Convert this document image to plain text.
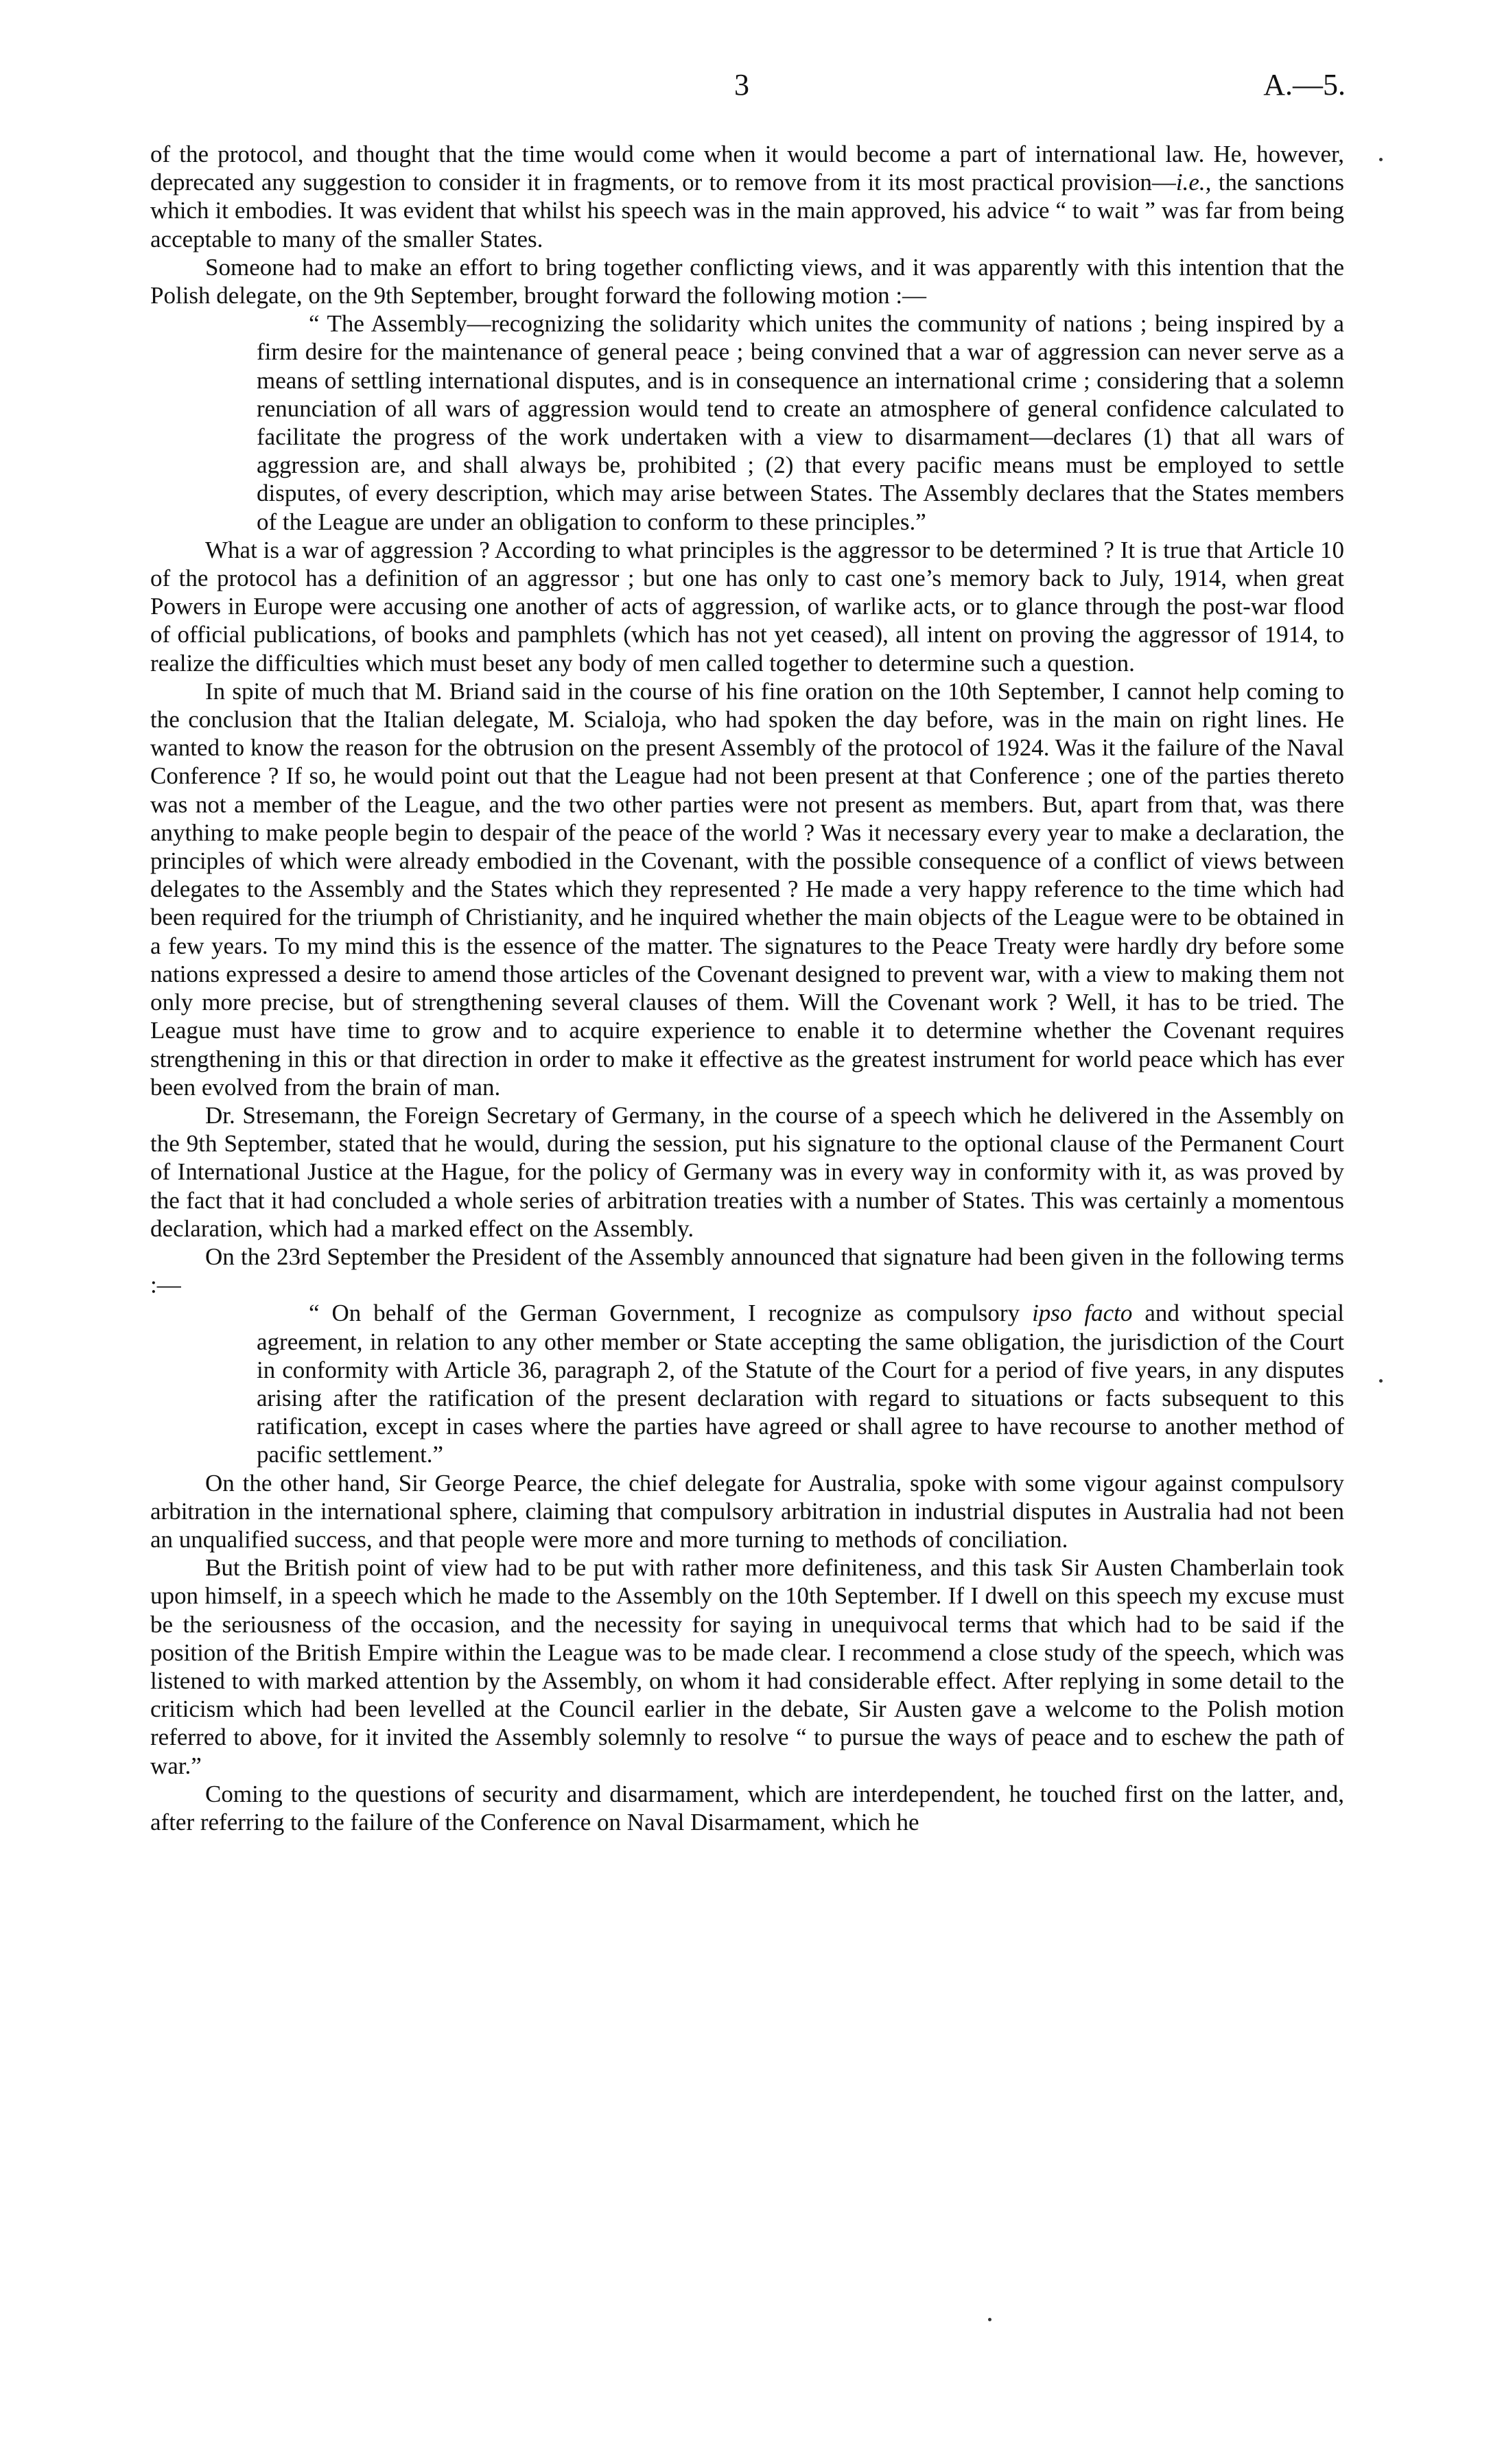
3	A.—5.

of the protocol, and thought that the time would come when it would become a part of international law. He, however, deprecated any suggestion to consider it in fragments, or to remove from it its most practical provision—i.e., the sanctions which it embodies. It was evident that whilst his speech was in the main approved, his advice “ to wait ” was far from being acceptable to many of the smaller States.

Someone had to make an effort to bring together conflicting views, and it was apparently with this intention that the Polish delegate, on the 9th September, brought forward the following motion :—

“ The Assembly—recognizing the solidarity which unites the community of nations ; being inspired by a firm desire for the maintenance of general peace ; being convined that a war of aggression can never serve as a means of settling international disputes, and is in consequence an international crime ; considering that a solemn renunciation of all wars of aggression would tend to create an atmosphere of general confidence calculated to facilitate the progress of the work undertaken with a view to disarmament—declares (1) that all wars of aggression are, and shall always be, prohibited ; (2) that every pacific means must be employed to settle disputes, of every description, which may arise between States. The Assembly declares that the States members of the League are under an obligation to conform to these principles.”

What is a war of aggression ? According to what principles is the aggressor to be determined ? It is true that Article 10 of the protocol has a definition of an aggressor ; but one has only to cast one’s memory back to July, 1914, when great Powers in Europe were accusing one another of acts of aggression, of warlike acts, or to glance through the post-war flood of official publications, of books and pamphlets (which has not yet ceased), all intent on proving the aggressor of 1914, to realize the difficulties which must beset any body of men called together to determine such a question.

In spite of much that M. Briand said in the course of his fine oration on the 10th September, I cannot help coming to the conclusion that the Italian delegate, M. Scialoja, who had spoken the day before, was in the main on right lines. He wanted to know the reason for the obtrusion on the present Assembly of the protocol of 1924. Was it the failure of the Naval Conference ? If so, he would point out that the League had not been present at that Conference ; one of the parties thereto was not a member of the League, and the two other parties were not present as members. But, apart from that, was there anything to make people begin to despair of the peace of the world ? Was it necessary every year to make a declaration, the principles of which were already embodied in the Covenant, with the possible consequence of a conflict of views between delegates to the Assembly and the States which they represented ? He made a very happy reference to the time which had been required for the triumph of Christianity, and he inquired whether the main objects of the League were to be obtained in a few years. To my mind this is the essence of the matter. The signatures to the Peace Treaty were hardly dry before some nations expressed a desire to amend those articles of the Covenant designed to prevent war, with a view to making them not only more precise, but of strengthening several clauses of them. Will the Covenant work ? Well, it has to be tried. The League must have time to grow and to acquire experience to enable it to determine whether the Covenant requires strengthening in this or that direction in order to make it effective as the greatest instrument for world peace which has ever been evolved from the brain of man.

Dr. Stresemann, the Foreign Secretary of Germany, in the course of a speech which he delivered in the Assembly on the 9th September, stated that he would, during the session, put his signature to the optional clause of the Permanent Court of International Justice at the Hague, for the policy of Germany was in every way in conformity with it, as was proved by the fact that it had concluded a whole series of arbitration treaties with a number of States. This was certainly a momentous declaration, which had a marked effect on the Assembly.

On the 23rd September the President of the Assembly announced that signature had been given in the following terms :—

“ On behalf of the German Government, I recognize as compulsory ipso facto and without special agreement, in relation to any other member or State accepting the same obligation, the jurisdiction of the Court in conformity with Article 36, paragraph 2, of the Statute of the Court for a period of five years, in any disputes arising after the ratification of the present declaration with regard to situations or facts subsequent to this ratification, except in cases where the parties have agreed or shall agree to have recourse to another method of pacific settlement.”

On the other hand, Sir George Pearce, the chief delegate for Australia, spoke with some vigour against compulsory arbitration in the international sphere, claiming that compulsory arbitration in industrial disputes in Australia had not been an unqualified success, and that people were more and more turning to methods of conciliation.

But the British point of view had to be put with rather more definiteness, and this task Sir Austen Chamberlain took upon himself, in a speech which he made to the Assembly on the 10th September. If I dwell on this speech my excuse must be the seriousness of the occasion, and the necessity for saying in unequivocal terms that which had to be said if the position of the British Empire within the League was to be made clear. I recommend a close study of the speech, which was listened to with marked attention by the Assembly, on whom it had considerable effect. After replying in some detail to the criticism which had been levelled at the Council earlier in the debate, Sir Austen gave a welcome to the Polish motion referred to above, for it invited the Assembly solemnly to resolve “ to pursue the ways of peace and to eschew the path of war.”

Coming to the questions of security and disarmament, which are interdependent, he touched first on the latter, and, after referring to the failure of the Conference on Naval Disarmament, which he
